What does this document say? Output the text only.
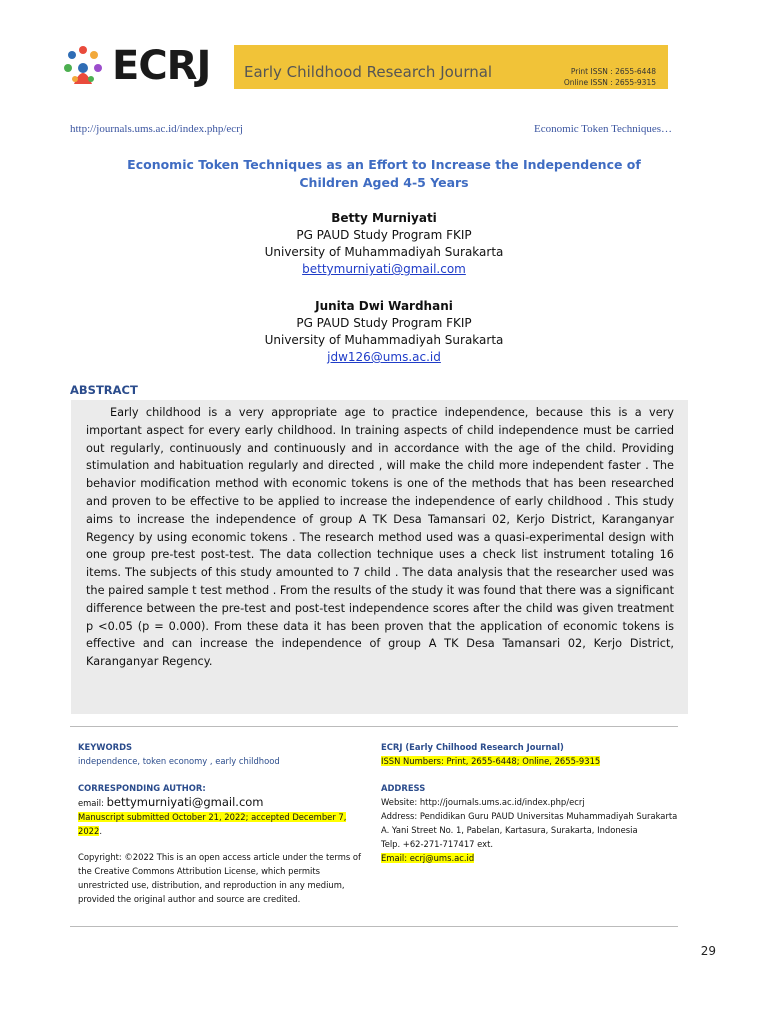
ECRJ Early Childhood Research Journal	Print ISSN : 2655-6448
Online ISSN : 2655-9315
http://journals.ums.ac.id/index.php/ecrj	Economic Token Techniques…
Economic Token Techniques as an Effort to Increase the Independence of
Children Aged 4-5 Years
Betty Murniyati
PG PAUD Study Program FKIP
University of Muhammadiyah Surakarta
bettymurniyati@gmail.com
Junita Dwi Wardhani
PG PAUD Study Program FKIP
University of Muhammadiyah Surakarta
jdw126@ums.ac.id
ABSTRACT
Early childhood is a very appropriate age to practice independence, because this is a very important aspect for every early childhood. In training aspects of child independence must be carried out regularly, continuously and continuously and in accordance with the age of the child. Providing stimulation and habituation regularly and directed , will make the child more independent faster . The behavior modification method with economic tokens is one of the methods that has been researched and proven to be effective to be applied to increase the independence of early childhood . This study aims to increase the independence of group A TK Desa Tamansari 02, Kerjo District, Karanganyar Regency by using economic tokens . The research method used was a quasi-experimental design with one group pre-test post-test. The data collection technique uses a check list instrument totaling 16 items. The subjects of this study amounted to 7 child . The data analysis that the researcher used was the paired sample t test method . From the results of the study it was found that there was a significant difference between the pre-test and post-test independence scores after the child was given treatment p <0.05 (p = 0.000). From these data it has been proven that the application of economic tokens is effective and can increase the independence of group A TK Desa Tamansari 02, Kerjo District, Karanganyar Regency.
KEYWORDS
independence, token economy , early childhood
CORRESPONDING AUTHOR:
email: bettymurniyati@gmail.com
Manuscript submitted October 21, 2022; accepted December 7, 2022.
Copyright: ©2022 This is an open access article under the terms of the Creative Commons Attribution License, which permits unrestricted use, distribution, and reproduction in any medium, provided the original author and source are credited.
ECRJ (Early Chilhood Research Journal)
ISSN Numbers: Print, 2655-6448; Online, 2655-9315
ADDRESS
Website: http://journals.ums.ac.id/index.php/ecrj
Address: Pendidikan Guru PAUD Universitas Muhammadiyah Surakarta
A. Yani Street No. 1, Pabelan, Kartasura, Surakarta, Indonesia
Telp. +62-271-717417 ext.
Email: ecrj@ums.ac.id
29
